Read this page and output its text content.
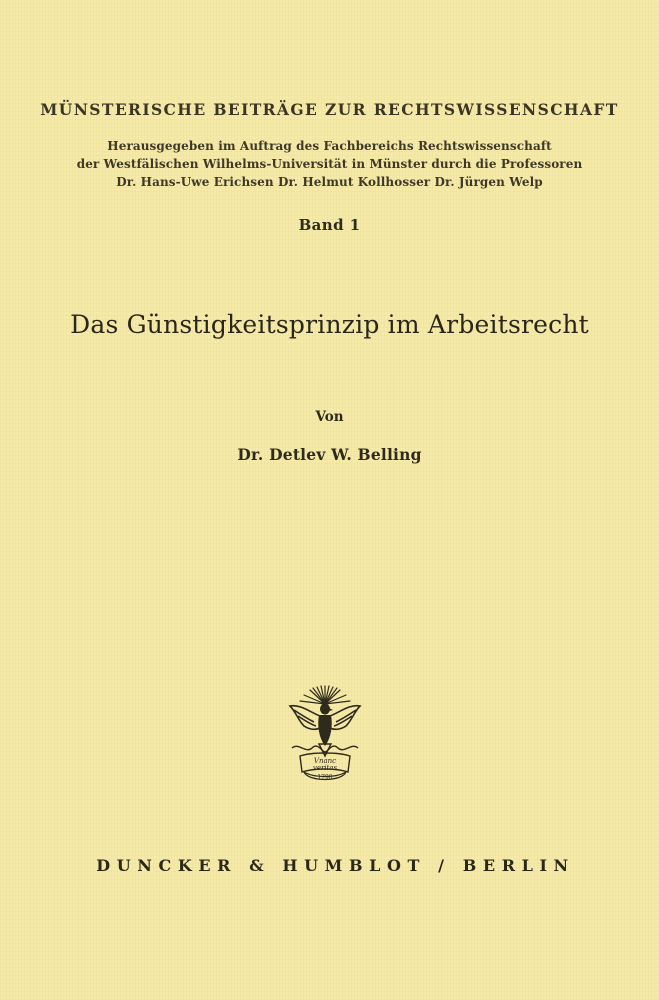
MÜNSTERISCHE BEITRÄGE ZUR RECHTSWISSENSCHAFT
Herausgegeben im Auftrag des Fachbereichs Rechtswissenschaft
der Westfälischen Wilhelms-Universität in Münster durch die Professoren
Dr. Hans-Uwe Erichsen Dr. Helmut Kollhosser Dr. Jürgen Welp
Band 1
Das Günstigkeitsprinzip im Arbeitsrecht
Von
Dr. Detlev W. Belling
Vnanc
veritas
1798
DUNCKER & HUMBLOT / BERLIN
